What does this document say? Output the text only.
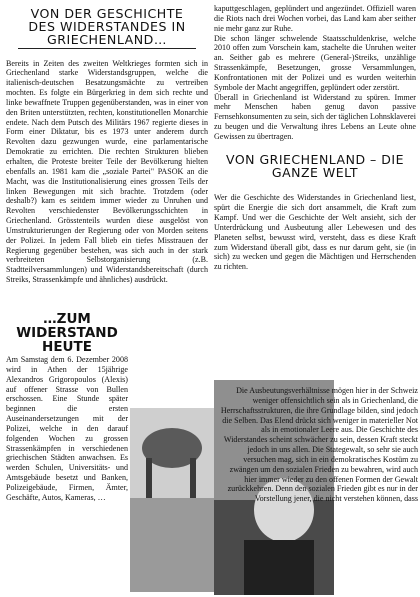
VON DER GESCHICHTE DES WIDERSTANDES IN GRIECHENLAND…

Bereits in Zeiten des zweiten Weltkrieges formten sich in Griechenland starke Widerstandsgruppen, welche die italienisch-deutschen Besatzungsmächte zu vertreiben mochten. Es folgte ein Bürgerkrieg in dem sich rechte und linke bewaffnete Truppen gegenüberstanden, was in einer von den Briten unterstützten, rechten, konstitutionellen Monarchie endete. Nach dem Putsch des Militärs 1967 regierte dieses in Form einer Diktatur, bis es 1973 unter anderem durch Revolten dazu gezwungen wurde, eine parlamentarische Demokratie zu errichten. Die rechten Strukturen blieben erhalten, die Proteste breiter Teile der Bevölkerung hielten ebenfalls an. 1981 kam die „soziale Partei" PASOK an die Macht, was die Institutionalisierung eines grossen Teils der linken Bewegungen mit sich brachte. Trotzdem (oder deshalb?) kam es seitdem immer wieder zu Unruhen und Revolten verschiedenster Bevölkerungsschichten in Griechenland. Grösstenteils wurden diese ausgelöst von Umstrukturierungen der Regierung oder von Morden seitens der Polizei. In jedem Fall blieb ein tiefes Misstrauen der Regierung gegenüber bestehen, was sich auch in der stark verbreiteten Selbstorganisierung (z.B. Stadtteilversammlungen) und Widerstandsbereitschaft (durch Streiks, Strassenkämpfe und ähnliches) ausdrückt.

…ZUM WIDERSTAND HEUTE

Am Samstag dem 6. Dezember 2008 wird in Athen der 15jährige Alexandros Grigoropoulos (Alexis) auf offener Strasse von Bullen erschossen. Eine Stunde später beginnen die ersten Auseinandersetzungen mit der Polizei, welche in den darauf folgenden Wochen zu grossen Strassenkämpfen in verschiedenen griechischen Städten anwachsen. Es werden Schulen, Universitäts- und Amtsgebäude besetzt und Banken, Polizeigebäude, Firmen, Ämter, Geschäfte, Autos, Kameras, …

kaputtgeschlagen, geplündert und angezündet. Offiziell waren die Riots nach drei Wochen vorbei, das Land kam aber seither nie mehr ganz zur Ruhe.

Die schon länger schwelende Staatsschuldenkrise, welche 2010 offen zum Vorschein kam, stachelte die Unruhen weiter an. Seither gab es mehrere (General-)Streiks, unzählige Strassenkämpfe, Besetzungen, grosse Versammlungen, Konfrontationen mit der Polizei und es wurden weiterhin Symbole der Macht angegriffen, geplündert oder zerstört.

Überall in Griechenland ist Widerstand zu spüren. Immer mehr Menschen haben genug davon passive Fernsehkonsumenten zu sein, sich der täglichen Lohnsklaverei zu beugen und die Verwaltung ihres Lebens an Leute ohne Gewissen zu übertragen.

VON GRIECHENLAND – DIE GANZE WELT

Wer die Geschichte des Widerstandes in Griechenland liest, spürt die Energie die sich dort ansammelt, die Kraft zum Kampf. Und wer die Geschichte der Welt ansieht, sich der Unterdrückung und Ausbeutung aller Lebewesen und des Planeten selbst, bewusst wird, versteht, dass es diese Kraft zum Widerstand überall gibt, dass es nur darum geht, sie (in sich) zu wecken und gegen die Mächtigen und Herrschenden zu richten.

Die Ausbeutungsverhältnisse mögen hier in der Schweiz weniger offensichtlich sein als in Griechenland, die Herrschaftsstrukturen, die ihre Grundlage bilden, sind jedoch die Selben. Das Elend drückt sich weniger in materieller Not als in emotionaler Leere aus. Die Geschichte des Widerstandes scheint schwächer zu sein, dessen Kraft steckt jedoch in uns allen. Die Stategewalt, so sehr sie auch versuchen mag, sich in ein demokratisches Kostüm zu zwängen um den sozialen Frieden zu bewahren, wird auch hier immer wieder zu den offenen Formen der Gewalt zurückkehren. Denn den sozialen Frieden gibt es nur in der Vorstellung jener, die nicht verstehen können, dass
